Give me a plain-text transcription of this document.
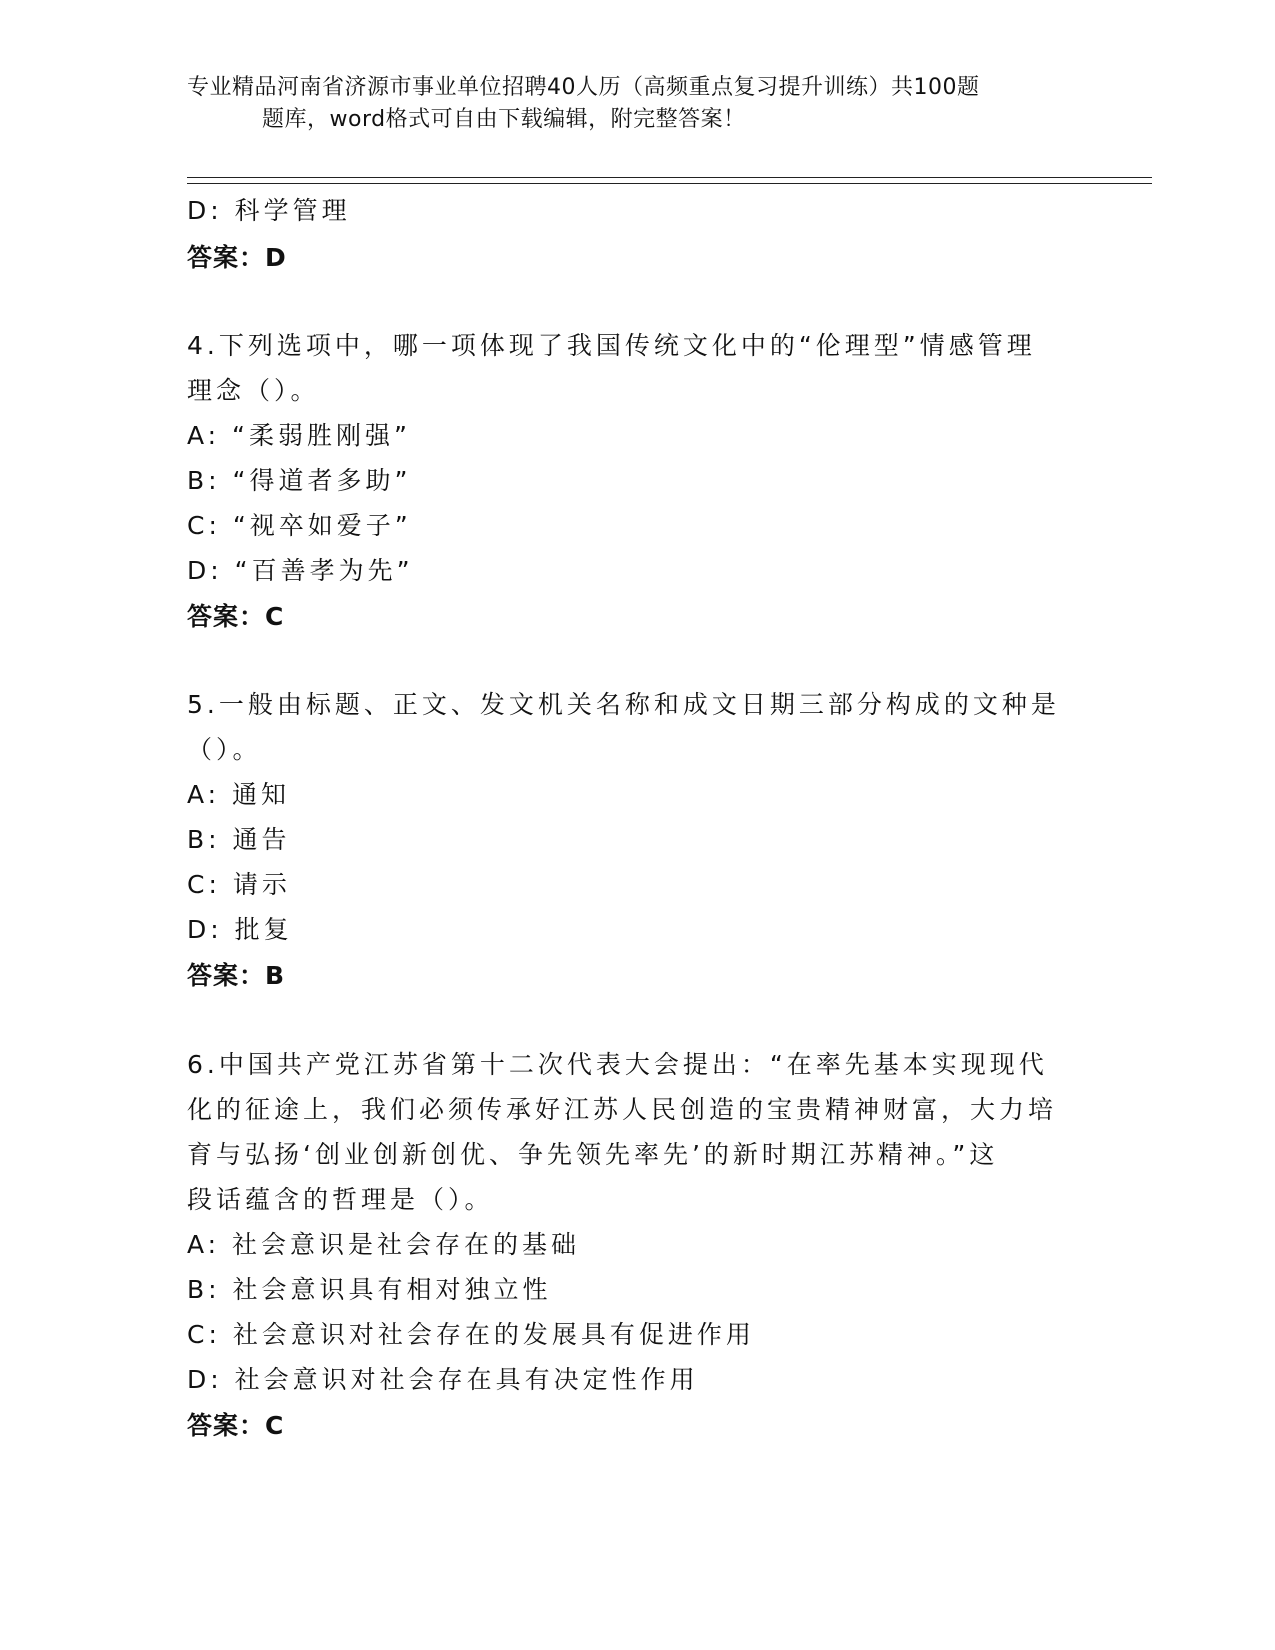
专业精品河南省济源市事业单位招聘40人历（高频重点复习提升训练）共100题
题库，word格式可自由下载编辑，附完整答案！
D: 科学管理
答案：D
4.下列选项中，哪一项体现了我国传统文化中的“伦理型”情感管理
理念（）。
A: “柔弱胜刚强”
B: “得道者多助”
C: “视卒如爱子”
D: “百善孝为先”
答案：C
5.一般由标题、正文、发文机关名称和成文日期三部分构成的文种是
（）。
A: 通知
B: 通告
C: 请示
D: 批复
答案：B
6.中国共产党江苏省第十二次代表大会提出：“在率先基本实现现代
化的征途上，我们必须传承好江苏人民创造的宝贵精神财富，大力培
育与弘扬‘创业创新创优、争先领先率先’的新时期江苏精神。”这
段话蕴含的哲理是（）。
A: 社会意识是社会存在的基础
B: 社会意识具有相对独立性
C: 社会意识对社会存在的发展具有促进作用
D: 社会意识对社会存在具有决定性作用
答案：C
